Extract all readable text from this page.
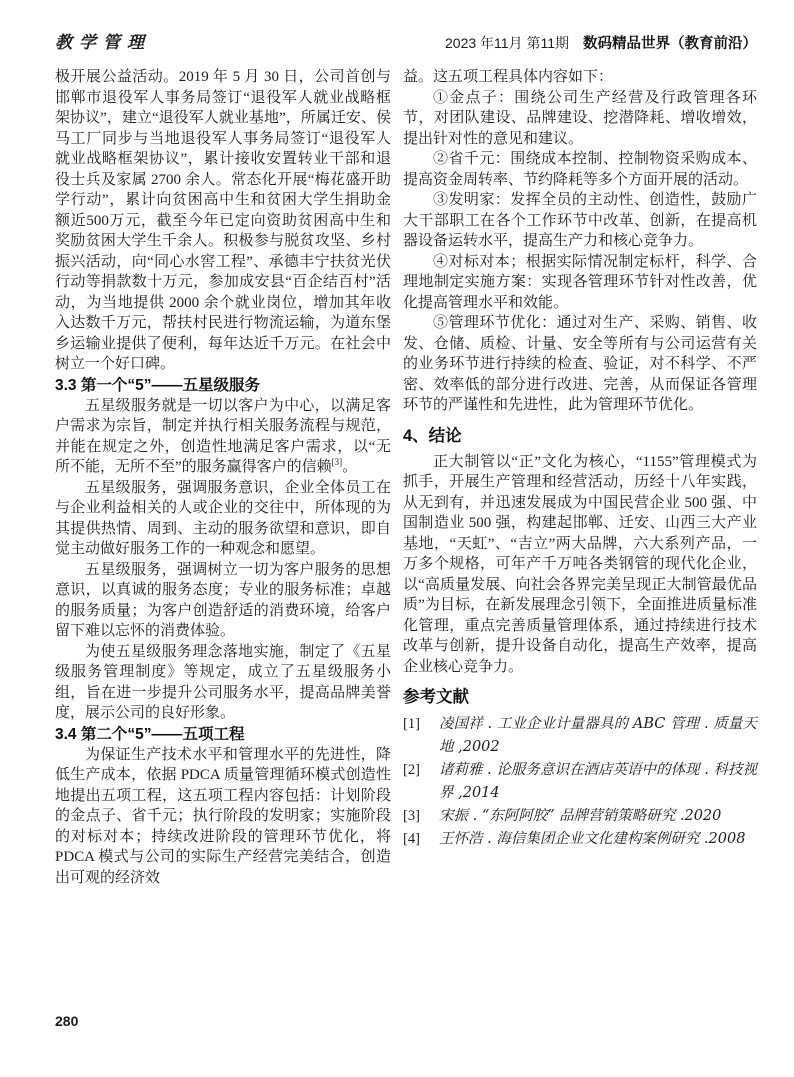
教学管理	2023 年11月 第11期 数码精品世界（教育前沿）

极开展公益活动。2019 年 5 月 30 日，公司首创与邯郸市退役军人事务局签订“退役军人就业战略框架协议”，建立“退役军人就业基地”，所属迁安、侯马工厂同步与当地退役军人事务局签订“退役军人就业战略框架协议”，累计接收安置转业干部和退役士兵及家属 2700 余人。常态化开展“梅花盛开助学行动”，累计向贫困高中生和贫困大学生捐助金额近500万元，截至今年已定向资助贫困高中生和奖励贫困大学生千余人。积极参与脱贫攻坚、乡村振兴活动，向“同心水窖工程”、承德丰宁扶贫光伏行动等捐款数十万元，参加成安县“百企结百村”活动，为当地提供 2000 余个就业岗位，增加其年收入达数千万元，帮扶村民进行物流运输，为道东堡乡运输业提供了便利，每年达近千万元。在社会中树立一个好口碑。

3.3 第一个“5”——五星级服务

五星级服务就是一切以客户为中心，以满足客户需求为宗旨，制定并执行相关服务流程与规范，并能在规定之外，创造性地满足客户需求，以“无所不能，无所不至”的服务赢得客户的信赖[3]。

五星级服务，强调服务意识，企业全体员工在与企业利益相关的人或企业的交往中，所体现的为其提供热情、周到、主动的服务欲望和意识，即自觉主动做好服务工作的一种观念和愿望。

五星级服务，强调树立一切为客户服务的思想意识，以真诚的服务态度；专业的服务标准；卓越的服务质量；为客户创造舒适的消费环境，给客户留下难以忘怀的消费体验。

为使五星级服务理念落地实施，制定了《五星级服务管理制度》等规定，成立了五星级服务小组，旨在进一步提升公司服务水平，提高品牌美誉度，展示公司的良好形象。

3.4 第二个“5”——五项工程

为保证生产技术水平和管理水平的先进性，降低生产成本，依据 PDCA 质量管理循环模式创造性地提出五项工程，这五项工程内容包括：计划阶段的金点子、省千元；执行阶段的发明家；实施阶段的对标对本；持续改进阶段的管理环节优化，将 PDCA 模式与公司的实际生产经营完美结合，创造出可观的经济效

益。这五项工程具体内容如下：

①金点子：围绕公司生产经营及行政管理各环节，对团队建设、品牌建设、挖潜降耗、增收增效，提出针对性的意见和建议。

②省千元：围绕成本控制、控制物资采购成本、提高资金周转率、节约降耗等多个方面开展的活动。

③发明家：发挥全员的主动性、创造性，鼓励广大干部职工在各个工作环节中改革、创新，在提高机器设备运转水平，提高生产力和核心竞争力。

④对标对本；根据实际情况制定标杆，科学、合理地制定实施方案：实现各管理环节针对性改善，优化提高管理水平和效能。

⑤管理环节优化：通过对生产、采购、销售、收发、仓储、质检、计量、安全等所有与公司运营有关的业务环节进行持续的检查、验证，对不科学、不严密、效率低的部分进行改进、完善，从而保证各管理环节的严谨性和先进性，此为管理环节优化。

4、结论

正大制管以“正”文化为核心，“1155”管理模式为抓手，开展生产管理和经营活动，历经十八年实践，从无到有，并迅速发展成为中国民营企业 500 强、中国制造业 500 强，构建起邯郸、迁安、山西三大产业基地，“天虹”、“吉立”两大品牌，六大系列产品，一万多个规格，可年产千万吨各类钢管的现代化企业，以“高质量发展、向社会各界完美呈现正大制管最优品质”为目标，在新发展理念引领下，全面推进质量标准化管理，重点完善质量管理体系，通过持续进行技术改革与创新，提升设备自动化，提高生产效率，提高企业核心竞争力。

参考文献
[1]	凌国祥 . 工业企业计量器具的 ABC 管理 . 质量天地 ,2002
[2]	诸莉雅 . 论服务意识在酒店英语中的体现 . 科技视界 ,2014
[3]	宋振 . “东阿阿胶” 品牌营销策略研究 .2020
[4]	王怀浩 . 海信集团企业文化建构案例研究 .2008
280
